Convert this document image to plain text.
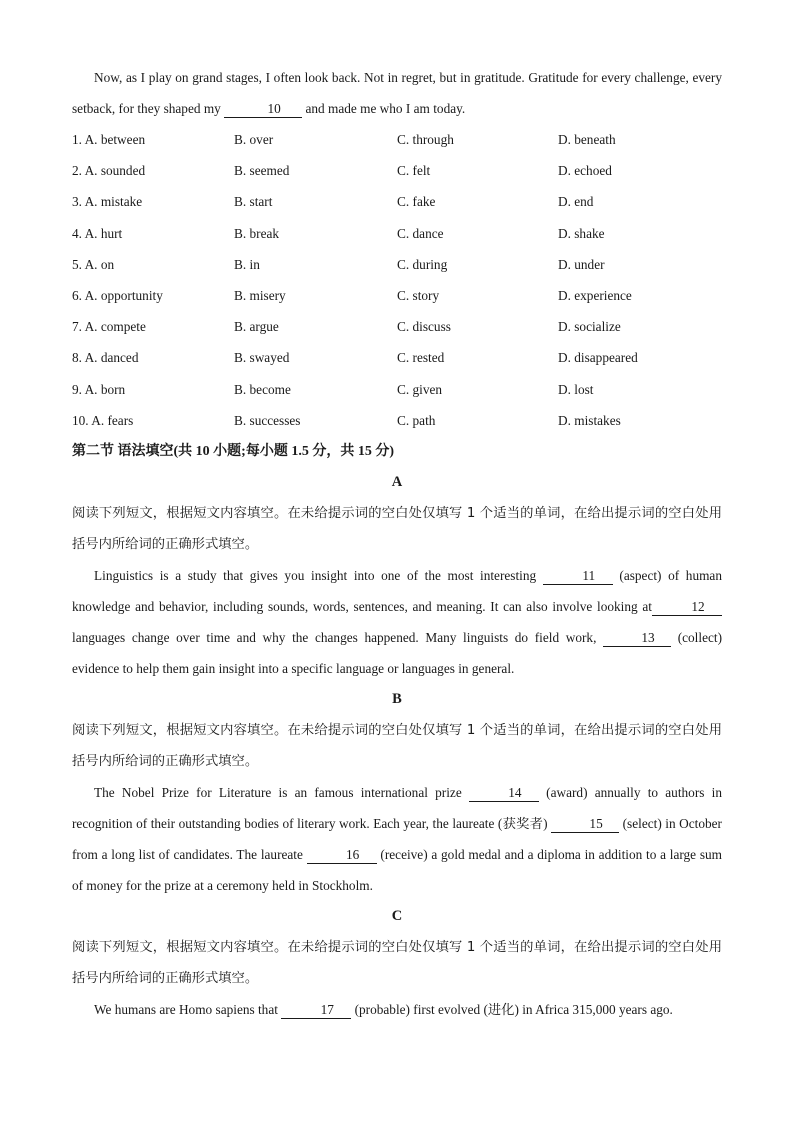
Now, as I play on grand stages, I often look back. Not in regret, but in gratitude. Gratitude for every challenge, every setback, for they shaped my	10 and made me who I am today.

1. A. between	B. over	C. through	D. beneath
2. A. sounded	B. seemed	C. felt	D. echoed
3. A. mistake	B. start	C. fake	D. end
4. A. hurt	B. break	C. dance	D. shake
5. A. on	B. in	C. during	D. under
6. A. opportunity	B. misery	C. story	D. experience
7. A. compete	B. argue	C. discuss	D. socialize
8. A. danced	B. swayed	C. rested	D. disappeared
9. A. born	B. become	C. given	D. lost
10. A. fears	B. successes	C. path	D. mistakes

第二节 语法填空(共 10 小题;每小题 1.5 分，共 15 分)

A

阅读下列短文，根据短文内容填空。在未给提示词的空白处仅填写 1 个适当的单词，在给出提示词的空白处用括号内所给词的正确形式填空。

Linguistics is a study that gives you insight into one of the most interesting	11 (aspect) of human knowledge and behavior, including sounds, words, sentences, and meaning. It can also involve looking at	12languages change over time and why the changes happened. Many linguists do field work,	13 (collect) evidence to help them gain insight into a specific language or languages in general.

B

阅读下列短文，根据短文内容填空。在未给提示词的空白处仅填写 1 个适当的单词，在给出提示词的空白处用括号内所给词的正确形式填空。

The Nobel Prize for Literature is an famous international prize	14 (award) annually to authors in recognition of their outstanding bodies of literary work. Each year, the laureate (获奖者)	15 (select) in October from a long list of candidates. The laureate	16 (receive) a gold medal and a diploma in addition to a large sum of money for the prize at a ceremony held in Stockholm.

C

阅读下列短文，根据短文内容填空。在未给提示词的空白处仅填写 1 个适当的单词，在给出提示词的空白处用括号内所给词的正确形式填空。

We humans are Homo sapiens that	17 (probable) first evolved (进化) in Africa 315,000 years ago.
